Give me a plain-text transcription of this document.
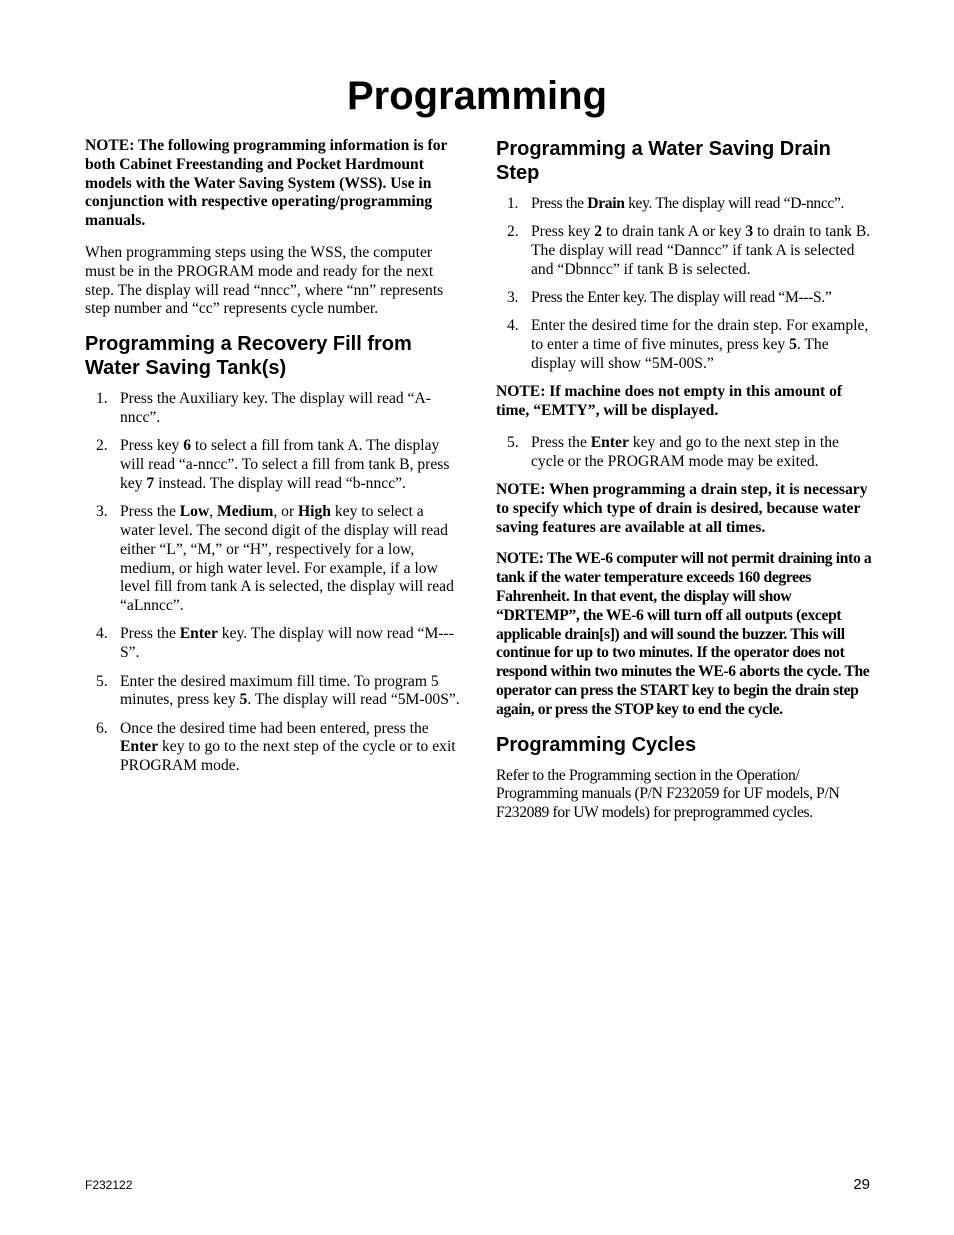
Programming

NOTE: The following programming information is for both Cabinet Freestanding and Pocket Hardmount models with the Water Saving System (WSS). Use in conjunction with respective operating/programming manuals.

When programming steps using the WSS, the computer must be in the PROGRAM mode and ready for the next step. The display will read “nncc”, where “nn” represents step number and “cc” represents cycle number.

Programming a Recovery Fill from Water Saving Tank(s)
1. Press the Auxiliary key. The display will read “A-nncc”.
2. Press key 6 to select a fill from tank A. The display will read “a-nncc”. To select a fill from tank B, press key 7 instead. The display will read “b-nncc”.
3. Press the Low, Medium, or High key to select a water level. The second digit of the display will read either “L”, “M,” or “H”, respectively for a low, medium, or high water level. For example, if a low level fill from tank A is selected, the display will read “aLnncc”.
4. Press the Enter key. The display will now read “M---S”.
5. Enter the desired maximum fill time. To program 5 minutes, press key 5. The display will read “5M-00S”.
6. Once the desired time had been entered, press the Enter key to go to the next step of the cycle or to exit PROGRAM mode.
Programming a Water Saving Drain Step
1. Press the Drain key. The display will read “D-nncc”.
2. Press key 2 to drain tank A or key 3 to drain to tank B. The display will read “Dannсc” if tank A is selected and “Dbnncc” if tank B is selected.
3. Press the Enter key. The display will read “M---S.”
4. Enter the desired time for the drain step. For example, to enter a time of five minutes, press key 5. The display will show “5M-00S.”

NOTE: If machine does not empty in this amount of time, “EMTY”, will be displayed.

5. Press the Enter key and go to the next step in the cycle or the PROGRAM mode may be exited.

NOTE: When programming a drain step, it is necessary to specify which type of drain is desired, because water saving features are available at all times.

NOTE: The WE-6 computer will not permit draining into a tank if the water temperature exceeds 160 degrees Fahrenheit. In that event, the display will show “DRTEMP”, the WE-6 will turn off all outputs (except applicable drain[s]) and will sound the buzzer. This will continue for up to two minutes. If the operator does not respond within two minutes the WE-6 aborts the cycle. The operator can press the START key to begin the drain step again, or press the STOP key to end the cycle.

Programming Cycles

Refer to the Programming section in the Operation/ Programming manuals (P/N F232059 for UF models, P/N F232089 for UW models) for preprogrammed cycles.

F232122	29
